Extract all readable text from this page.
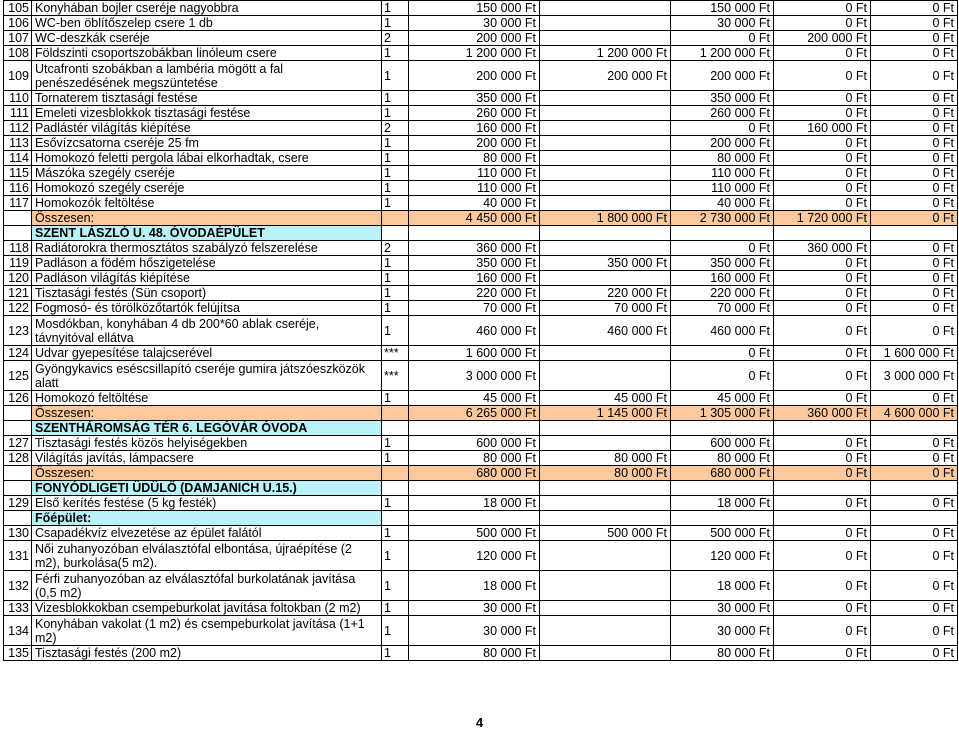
105	Konyhában bojler cseréje nagyobbra	1	150 000 Ft		150 000 Ft	0 Ft	0 Ft
106	WC-ben öblítőszelep csere 1 db	1	30 000 Ft		30 000 Ft	0 Ft	0 Ft
107	WC-deszkák cseréje	2	200 000 Ft		0 Ft	200 000 Ft	0 Ft
108	Földszinti csoportszobákban linóleum csere	1	1 200 000 Ft	1 200 000 Ft	1 200 000 Ft	0 Ft	0 Ft
109	Utcafronti szobákban a lambéria mögött a fal penészedésének megszüntetése	1	200 000 Ft	200 000 Ft	200 000 Ft	0 Ft	0 Ft
110	Tornaterem tisztasági festése	1	350 000 Ft		350 000 Ft	0 Ft	0 Ft
111	Emeleti vizesblokkok tisztasági festése	1	260 000 Ft		260 000 Ft	0 Ft	0 Ft
112	Padlástér világítás kiépítése	2	160 000 Ft		0 Ft	160 000 Ft	0 Ft
113	Esővízcsatorna cseréje 25 fm	1	200 000 Ft		200 000 Ft	0 Ft	0 Ft
114	Homokozó feletti pergola lábai elkorhadtak, csere	1	80 000 Ft		80 000 Ft	0 Ft	0 Ft
115	Mászóka szegély cseréje	1	110 000 Ft		110 000 Ft	0 Ft	0 Ft
116	Homokozó szegély cseréje	1	110 000 Ft		110 000 Ft	0 Ft	0 Ft
117	Homokozók feltöltése	1	40 000 Ft		40 000 Ft	0 Ft	0 Ft
	Összesen:		4 450 000 Ft	1 800 000 Ft	2 730 000 Ft	1 720 000 Ft	0 Ft
	SZENT LÁSZLÓ U. 48. ÓVODAÉPÜLET						
118	Radiátorokra thermosztátos szabályzó felszerelése	2	360 000 Ft		0 Ft	360 000 Ft	0 Ft
119	Padláson a födém hőszigetelése	1	350 000 Ft	350 000 Ft	350 000 Ft	0 Ft	0 Ft
120	Padláson világítás kiépítése	1	160 000 Ft		160 000 Ft	0 Ft	0 Ft
121	Tisztasági festés (Sün csoport)	1	220 000 Ft	220 000 Ft	220 000 Ft	0 Ft	0 Ft
122	Fogmosó- és törölközőtartók felújítsa	1	70 000 Ft	70 000 Ft	70 000 Ft	0 Ft	0 Ft
123	Mosdókban, konyhában 4 db 200*60 ablak cseréje, távnyitóval ellátva	1	460 000 Ft	460 000 Ft	460 000 Ft	0 Ft	0 Ft
124	Udvar gyepesítése talajcserével	***	1 600 000 Ft		0 Ft	0 Ft	1 600 000 Ft
125	Gyöngykavics eséscsillapító cseréje gumira játszóeszközök alatt	***	3 000 000 Ft		0 Ft	0 Ft	3 000 000 Ft
126	Homokozó feltöltése	1	45 000 Ft	45 000 Ft	45 000 Ft	0 Ft	0 Ft
	Összesen:		6 265 000 Ft	1 145 000 Ft	1 305 000 Ft	360 000 Ft	4 600 000 Ft
	SZENTHÁROMSÁG TÉR 6. LEGÓVÁR ÓVODA						
127	Tisztasági festés közös helyiségekben	1	600 000 Ft		600 000 Ft	0 Ft	0 Ft
128	Világítás javítás, lámpacsere	1	80 000 Ft	80 000 Ft	80 000 Ft	0 Ft	0 Ft
	Összesen:		680 000 Ft	80 000 Ft	680 000 Ft	0 Ft	0 Ft
	FONYÓDLIGETI ÜDÜLŐ (DAMJANICH U.15.)						
129	Első kerítés festése (5 kg festék)	1	18 000 Ft		18 000 Ft	0 Ft	0 Ft
	Főépület:						
130	Csapadékvíz elvezetése az épület falától	1	500 000 Ft	500 000 Ft	500 000 Ft	0 Ft	0 Ft
131	Női zuhanyozóban elválasztófal elbontása, újraépítése (2 m2), burkolása(5 m2).	1	120 000 Ft		120 000 Ft	0 Ft	0 Ft
132	Férfi zuhanyozóban az elválasztófal burkolatának javítása (0,5 m2)	1	18 000 Ft		18 000 Ft	0 Ft	0 Ft
133	Vizesblokkokban csempeburkolat javítása foltokban (2 m2)	1	30 000 Ft		30 000 Ft	0 Ft	0 Ft
134	Konyhában vakolat (1 m2) és csempeburkolat javítása (1+1 m2)	1	30 000 Ft		30 000 Ft	0 Ft	0 Ft
135	Tisztasági festés (200 m2)	1	80 000 Ft		80 000 Ft	0 Ft	0 Ft
4
